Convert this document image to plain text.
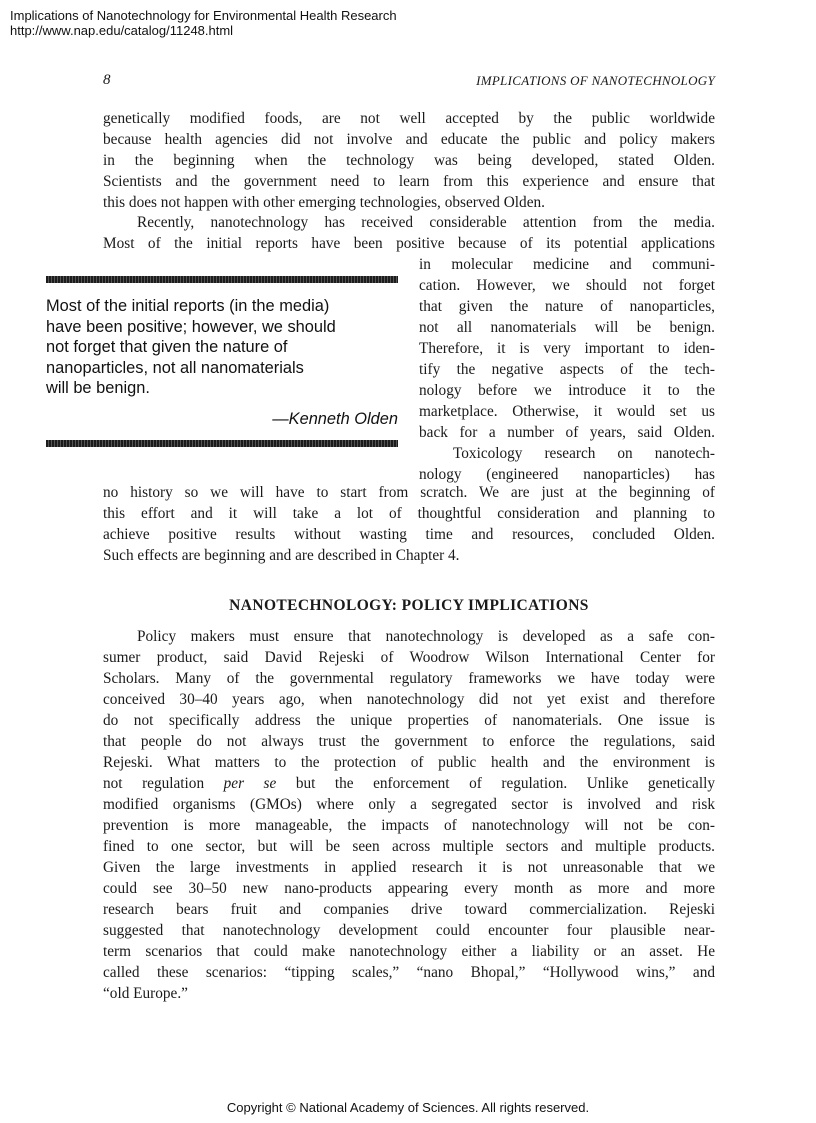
Implications of Nanotechnology for Environmental Health Research
http://www.nap.edu/catalog/11248.html
8	IMPLICATIONS OF NANOTECHNOLOGY
genetically modified foods, are not well accepted by the public worldwide
because health agencies did not involve and educate the public and policy makers
in the beginning when the technology was being developed, stated Olden.
Scientists and the government need to learn from this experience and ensure that
this does not happen with other emerging technologies, observed Olden.
Recently, nanotechnology has received considerable attention from the media.
Most of the initial reports have been positive because of its potential applications
in molecular medicine and communi-
cation. However, we should not forget
that given the nature of nanoparticles,
not all nanomaterials will be benign.
Therefore, it is very important to iden-
tify the negative aspects of the tech-
nology before we introduce it to the
marketplace. Otherwise, it would set us
back for a number of years, said Olden.
Toxicology research on nanotech-
nology (engineered nanoparticles) has
Most of the initial reports (in the media)
have been positive; however, we should
not forget that given the nature of
nanoparticles, not all nanomaterials
will be benign.
—Kenneth Olden
no history so we will have to start from scratch. We are just at the beginning of
this effort and it will take a lot of thoughtful consideration and planning to
achieve positive results without wasting time and resources, concluded Olden.
Such effects are beginning and are described in Chapter 4.
NANOTECHNOLOGY: POLICY IMPLICATIONS
Policy makers must ensure that nanotechnology is developed as a safe con-
sumer product, said David Rejeski of Woodrow Wilson International Center for
Scholars. Many of the governmental regulatory frameworks we have today were
conceived 30–40 years ago, when nanotechnology did not yet exist and therefore
do not specifically address the unique properties of nanomaterials. One issue is
that people do not always trust the government to enforce the regulations, said
Rejeski. What matters to the protection of public health and the environment is
not regulation per se but the enforcement of regulation. Unlike genetically
modified organisms (GMOs) where only a segregated sector is involved and risk
prevention is more manageable, the impacts of nanotechnology will not be con-
fined to one sector, but will be seen across multiple sectors and multiple products.
Given the large investments in applied research it is not unreasonable that we
could see 30–50 new nano-products appearing every month as more and more
research bears fruit and companies drive toward commercialization. Rejeski
suggested that nanotechnology development could encounter four plausible near-
term scenarios that could make nanotechnology either a liability or an asset. He
called these scenarios: “tipping scales,” “nano Bhopal,” “Hollywood wins,” and
“old Europe.”
Copyright © National Academy of Sciences. All rights reserved.
